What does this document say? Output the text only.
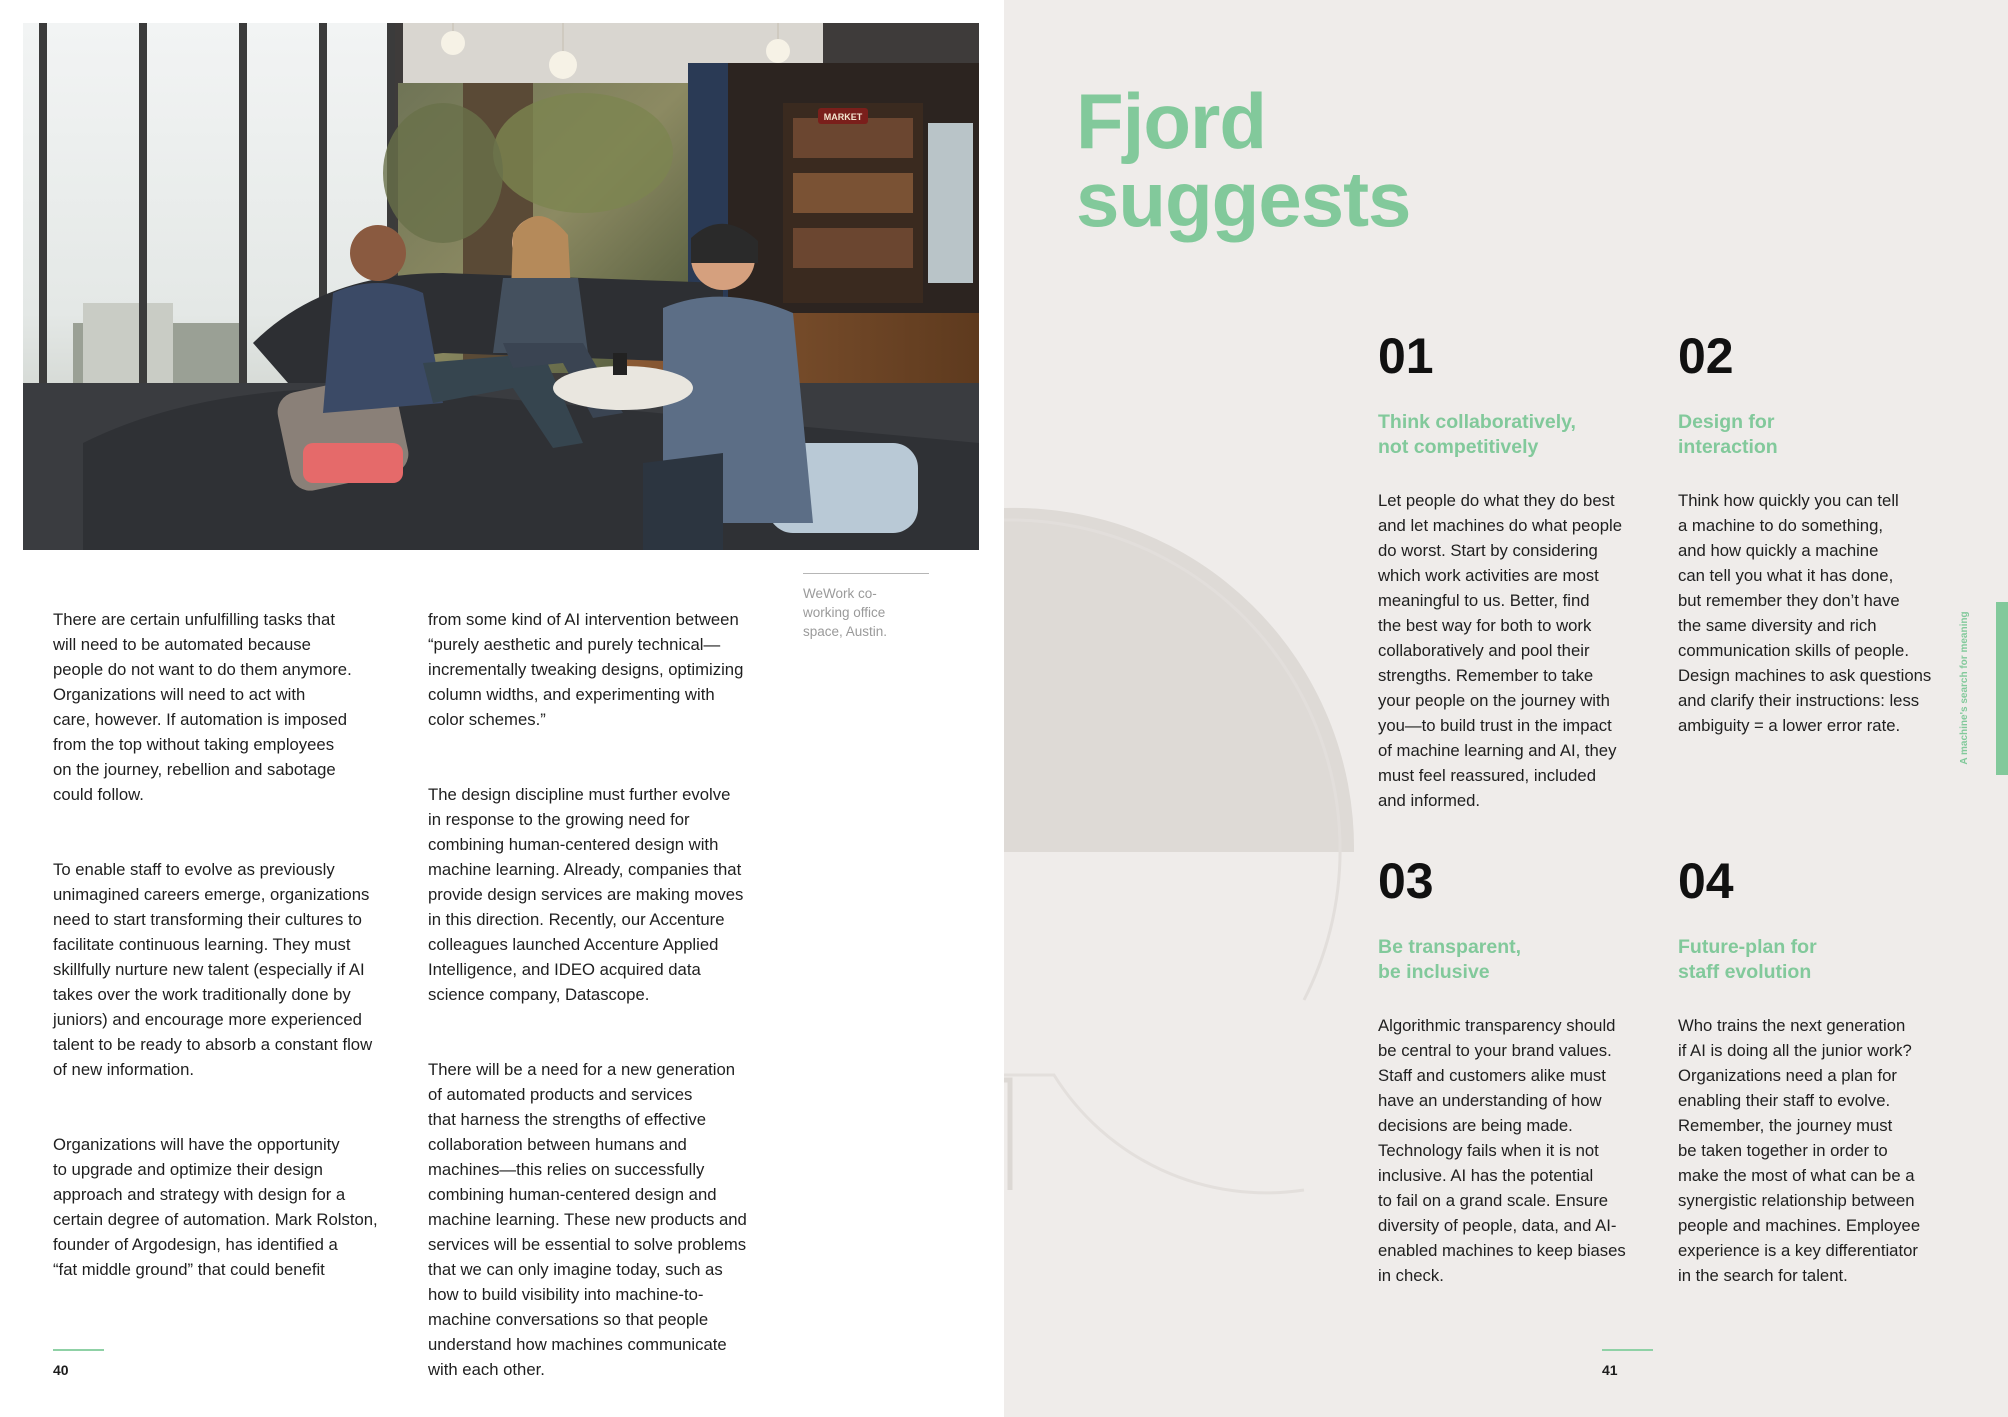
MARKET

There are certain unfulfilling tasks that
will need to be automated because
people do not want to do them anymore.
Organizations will need to act with
care, however. If automation is imposed
from the top without taking employees
on the journey, rebellion and sabotage
could follow.

To enable staff to evolve as previously
unimagined careers emerge, organizations
need to start transforming their cultures to
facilitate continuous learning. They must
skillfully nurture new talent (especially if AI
takes over the work traditionally done by
juniors) and encourage more experienced
talent to be ready to absorb a constant flow
of new information.

Organizations will have the opportunity
to upgrade and optimize their design
approach and strategy with design for a
certain degree of automation. Mark Rolston,
founder of Argodesign, has identified a
“fat middle ground” that could benefit

from some kind of AI intervention between
“purely aesthetic and purely technical—
incrementally tweaking designs, optimizing
column widths, and experimenting with
color schemes.”

The design discipline must further evolve
in response to the growing need for
combining human-centered design with
machine learning. Already, companies that
provide design services are making moves
in this direction. Recently, our Accenture
colleagues launched Accenture Applied
Intelligence, and IDEO acquired data
science company, Datascope.

There will be a need for a new generation
of automated products and services
that harness the strengths of effective
collaboration between humans and
machines—this relies on successfully
combining human-centered design and
machine learning. These new products and
services will be essential to solve problems
that we can only imagine today, such as
how to build visibility into machine-to-
machine conversations so that people
understand how machines communicate
with each other.

WeWork co-
working office
space, Austin.
40
Fjord
suggests
01
Think collaboratively,
not competitively
Let people do what they do best
and let machines do what people
do worst. Start by considering
which work activities are most
meaningful to us. Better, find
the best way for both to work
collaboratively and pool their
strengths. Remember to take
your people on the journey with
you—to build trust in the impact
of machine learning and AI, they
must feel reassured, included
and informed.
02
Design for
interaction
Think how quickly you can tell
a machine to do something,
and how quickly a machine
can tell you what it has done,
but remember they don’t have
the same diversity and rich
communication skills of people.
Design machines to ask questions
and clarify their instructions: less
ambiguity = a lower error rate.
03
Be transparent,
be inclusive
Algorithmic transparency should
be central to your brand values.
Staff and customers alike must
have an understanding of how
decisions are being made.
Technology fails when it is not
inclusive. AI has the potential
to fail on a grand scale. Ensure
diversity of people, data, and AI-
enabled machines to keep biases
in check.
04
Future-plan for
staff evolution
Who trains the next generation
if AI is doing all the junior work?
Organizations need a plan for
enabling their staff to evolve.
Remember, the journey must
be taken together in order to
make the most of what can be a
synergistic relationship between
people and machines. Employee
experience is a key differentiator
in the search for talent.
A machine's search for meaning
41
